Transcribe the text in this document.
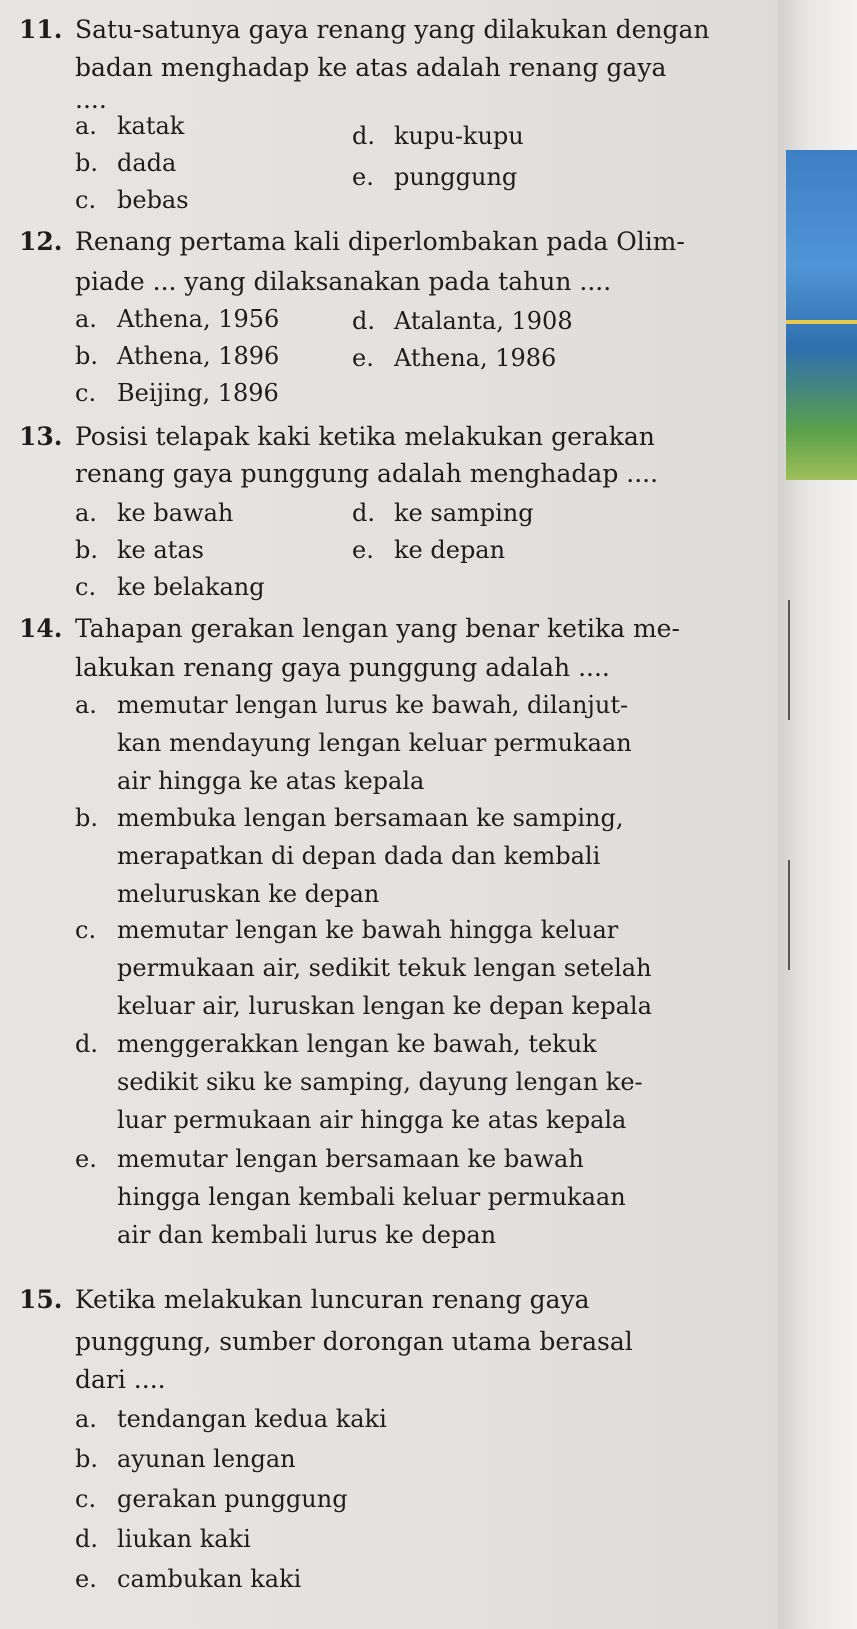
11. Satu-satunya gaya renang yang dilakukan dengan
badan menghadap ke atas adalah renang gaya
....
a. katak
b. dada
c. bebas
d. kupu-kupu
e. punggung
12. Renang pertama kali diperlombakan pada Olim-
piade ... yang dilaksanakan pada tahun ....
a. Athena, 1956
b. Athena, 1896
c. Beijing, 1896
d. Atalanta, 1908
e. Athena, 1986
13. Posisi telapak kaki ketika melakukan gerakan
renang gaya punggung adalah menghadap ....
a. ke bawah
b. ke atas
c. ke belakang
d. ke samping
e. ke depan
14. Tahapan gerakan lengan yang benar ketika me-
lakukan renang gaya punggung adalah ....
a. memutar lengan lurus ke bawah, dilanjut-
kan mendayung lengan keluar permukaan
air hingga ke atas kepala
b. membuka lengan bersamaan ke samping,
merapatkan di depan dada dan kembali
meluruskan ke depan
c. memutar lengan ke bawah hingga keluar
permukaan air, sedikit tekuk lengan setelah
keluar air, luruskan lengan ke depan kepala
d. menggerakkan lengan ke bawah, tekuk
sedikit siku ke samping, dayung lengan ke-
luar permukaan air hingga ke atas kepala
e. memutar lengan bersamaan ke bawah
hingga lengan kembali keluar permukaan
air dan kembali lurus ke depan
15. Ketika melakukan luncuran renang gaya
punggung, sumber dorongan utama berasal
dari ....
a. tendangan kedua kaki
b. ayunan lengan
c. gerakan punggung
d. liukan kaki
e. cambukan kaki
